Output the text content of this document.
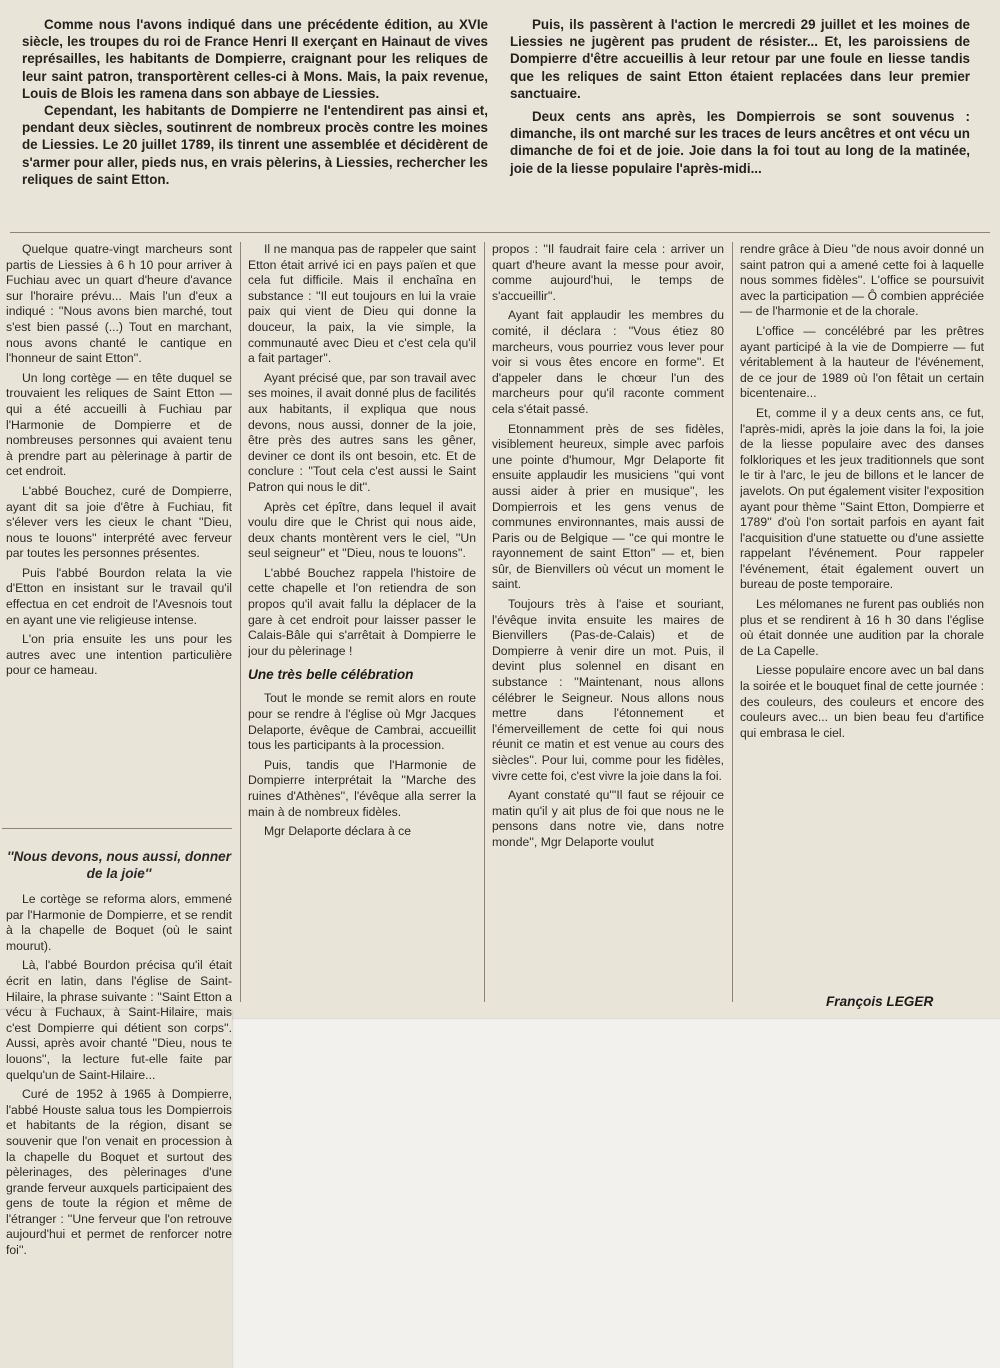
Comme nous l'avons indiqué dans une précédente édition, au XVIe siècle, les troupes du roi de France Henri II exerçant en Hainaut de vives représailles, les habitants de Dompierre, craignant pour les reliques de leur saint patron, transportèrent celles-ci à Mons. Mais, la paix revenue, Louis de Blois les ramena dans son abbaye de Liessies.

Cependant, les habitants de Dompierre ne l'entendirent pas ainsi et, pendant deux siècles, soutinrent de nombreux procès contre les moines de Liessies. Le 20 juillet 1789, ils tinrent une assemblée et décidèrent de s'armer pour aller, pieds nus, en vrais pèlerins, à Liessies, rechercher les reliques de saint Etton.

Puis, ils passèrent à l'action le mercredi 29 juillet et les moines de Liessies ne jugèrent pas prudent de résister... Et, les paroissiens de Dompierre d'être accueillis à leur retour par une foule en liesse tandis que les reliques de saint Etton étaient replacées dans leur premier sanctuaire.

Deux cents ans après, les Dompierrois se sont souvenus : dimanche, ils ont marché sur les traces de leurs ancêtres et ont vécu un dimanche de foi et de joie. Joie dans la foi tout au long de la matinée, joie de la liesse populaire l'après-midi...

Quelque quatre-vingt marcheurs sont partis de Liessies à 6 h 10 pour arriver à Fuchiau avec un quart d'heure d'avance sur l'horaire prévu... Mais l'un d'eux a indiqué : ''Nous avons bien marché, tout s'est bien passé (...) Tout en marchant, nous avons chanté le cantique en l'honneur de saint Etton''.

Un long cortège — en tête duquel se trouvaient les reliques de Saint Etton — qui a été accueilli à Fuchiau par l'Harmonie de Dompierre et de nombreuses personnes qui avaient tenu à prendre part au pèlerinage à partir de cet endroit.

L'abbé Bouchez, curé de Dompierre, ayant dit sa joie d'être à Fuchiau, fit s'élever vers les cieux le chant ''Dieu, nous te louons'' interprété avec ferveur par toutes les personnes présentes.

Puis l'abbé Bourdon relata la vie d'Etton en insistant sur le travail qu'il effectua en cet endroit de l'Avesnois tout en ayant une vie religieuse intense.

L'on pria ensuite les uns pour les autres avec une intention particulière pour ce hameau.

''Nous devons, nous aussi, donner de la joie''

Le cortège se reforma alors, emmené par l'Harmonie de Dompierre, et se rendit à la chapelle de Boquet (où le saint mourut).

Là, l'abbé Bourdon précisa qu'il était écrit en latin, dans l'église de Saint-Hilaire, la phrase suivante : ''Saint Etton a vécu à Fuchaux, à Saint-Hilaire, mais c'est Dompierre qui détient son corps''. Aussi, après avoir chanté ''Dieu, nous te louons'', la lecture fut-elle faite par quelqu'un de Saint-Hilaire...

Curé de 1952 à 1965 à Dompierre, l'abbé Houste salua tous les Dompierrois et habitants de la région, disant se souvenir que l'on venait en procession à la chapelle du Boquet et surtout des pèlerinages, des pèlerinages d'une grande ferveur auxquels participaient des gens de toute la région et même de l'étranger : ''Une ferveur que l'on retrouve aujourd'hui et permet de renforcer notre foi''.

Il ne manqua pas de rappeler que saint Etton était arrivé ici en pays païen et que cela fut difficile. Mais il enchaîna en substance : ''Il eut toujours en lui la vraie paix qui vient de Dieu qui donne la douceur, la paix, la vie simple, la communauté avec Dieu et c'est cela qu'il a fait partager''.

Ayant précisé que, par son travail avec ses moines, il avait donné plus de facilités aux habitants, il expliqua que nous devons, nous aussi, donner de la joie, être près des autres sans les gêner, deviner ce dont ils ont besoin, etc. Et de conclure : ''Tout cela c'est aussi le Saint Patron qui nous le dit''.

Après cet épître, dans lequel il avait voulu dire que le Christ qui nous aide, deux chants montèrent vers le ciel, ''Un seul seigneur'' et ''Dieu, nous te louons''.

L'abbé Bouchez rappela l'histoire de cette chapelle et l'on retiendra de son propos qu'il avait fallu la déplacer de la gare à cet endroit pour laisser passer le Calais-Bâle qui s'arrêtait à Dompierre le jour du pèlerinage !

Une très belle célébration

Tout le monde se remit alors en route pour se rendre à l'église où Mgr Jacques Delaporte, évêque de Cambrai, accueillit tous les participants à la procession.

Puis, tandis que l'Harmonie de Dompierre interprétait la ''Marche des ruines d'Athènes'', l'évêque alla serrer la main à de nombreux fidèles.

Mgr Delaporte déclara à ce

propos : ''Il faudrait faire cela : arriver un quart d'heure avant la messe pour avoir, comme aujourd'hui, le temps de s'accueillir''.

Ayant fait applaudir les membres du comité, il déclara : ''Vous étiez 80 marcheurs, vous pourriez vous lever pour voir si vous êtes encore en forme''. Et d'appeler dans le chœur l'un des marcheurs pour qu'il raconte comment cela s'était passé.

Etonnamment près de ses fidèles, visiblement heureux, simple avec parfois une pointe d'humour, Mgr Delaporte fit ensuite applaudir les musiciens ''qui vont aussi aider à prier en musique'', les Dompierrois et les gens venus de communes environnantes, mais aussi de Paris ou de Belgique — ''ce qui montre le rayonnement de saint Etton'' — et, bien sûr, de Bienvillers où vécut un moment le saint.

Toujours très à l'aise et souriant, l'évêque invita ensuite les maires de Bienvillers (Pas-de-Calais) et de Dompierre à venir dire un mot. Puis, il devint plus solennel en disant en substance : ''Maintenant, nous allons célébrer le Seigneur. Nous allons nous mettre dans l'étonnement et l'émerveillement de cette foi qui nous réunit ce matin et est venue au cours des siècles''. Pour lui, comme pour les fidèles, vivre cette foi, c'est vivre la joie dans la foi.

Ayant constaté qu'''Il faut se réjouir ce matin qu'il y ait plus de foi que nous ne le pensons dans notre vie, dans notre monde'', Mgr Delaporte voulut

rendre grâce à Dieu ''de nous avoir donné un saint patron qui a amené cette foi à laquelle nous sommes fidèles''. L'office se poursuivit avec la participation — Ô combien appréciée — de l'harmonie et de la chorale.

L'office — concélébré par les prêtres ayant participé à la vie de Dompierre — fut véritablement à la hauteur de l'événement, de ce jour de 1989 où l'on fêtait un certain bicentenaire...

Et, comme il y a deux cents ans, ce fut, l'après-midi, après la joie dans la foi, la joie de la liesse populaire avec des danses folkloriques et les jeux traditionnels que sont le tir à l'arc, le jeu de billons et le lancer de javelots. On put également visiter l'exposition ayant pour thème ''Saint Etton, Dompierre et 1789'' d'où l'on sortait parfois en ayant fait l'acquisition d'une statuette ou d'une assiette rappelant l'événement. Pour rappeler l'événement, était également ouvert un bureau de poste temporaire.

Les mélomanes ne furent pas oubliés non plus et se rendirent à 16 h 30 dans l'église où était donnée une audition par la chorale de La Capelle.

Liesse populaire encore avec un bal dans la soirée et le bouquet final de cette journée : des couleurs, des couleurs et encore des couleurs avec... un bien beau feu d'artifice qui embrasa le ciel.

François LEGER
